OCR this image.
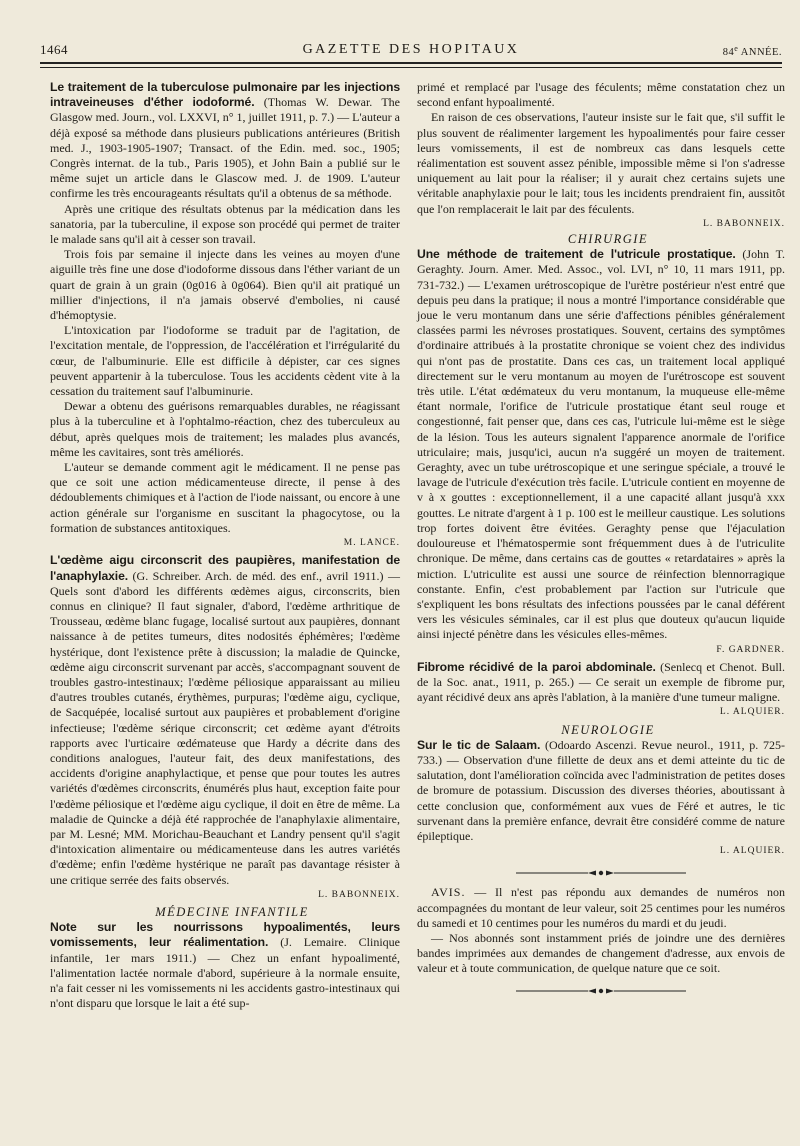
1464	GAZETTE DES HOPITAUX	84e ANNÉE.

Le traitement de la tuberculose pulmonaire par les injections intraveineuses d'éther iodoformé. (Thomas W. Dewar. The Glasgow med. Journ., vol. LXXVI, n° 1, juillet 1911, p. 7.) — L'auteur a déjà exposé sa méthode dans plusieurs publications antérieures (British med. J., 1903-1905-1907; Transact. of the Edin. med. soc., 1905; Congrès internat. de la tub., Paris 1905), et John Bain a publié sur le même sujet un article dans le Glascow med. J. de 1909. L'auteur confirme les très encourageants résultats qu'il a obtenus de sa méthode.

Après une critique des résultats obtenus par la médication dans les sanatoria, par la tuberculine, il expose son procédé qui permet de traiter le malade sans qu'il ait à cesser son travail.

Trois fois par semaine il injecte dans les veines au moyen d'une aiguille très fine une dose d'iodoforme dissous dans l'éther variant de un quart de grain à un grain (0g016 à 0g064). Bien qu'il ait pratiqué un millier d'injections, il n'a jamais observé d'embolies, ni causé d'hémoptysie.

L'intoxication par l'iodoforme se traduit par de l'agitation, de l'excitation mentale, de l'oppression, de l'accélération et l'irrégularité du cœur, de l'albuminurie. Elle est difficile à dépister, car ces signes peuvent appartenir à la tuberculose. Tous les accidents cèdent vite à la cessation du traitement sauf l'albuminurie.

Dewar a obtenu des guérisons remarquables durables, ne réagissant plus à la tuberculine et à l'ophtalmo-réaction, chez des tuberculeux au début, après quelques mois de traitement; les malades plus avancés, même les cavitaires, sont très améliorés.

L'auteur se demande comment agit le médicament. Il ne pense pas que ce soit une action médicamenteuse directe, il pense à des dédoublements chimiques et à l'action de l'iode naissant, ou encore à une action générale sur l'organisme en suscitant la phagocytose, ou la formation de substances antitoxiques.

M. LANCE.

L'œdème aigu circonscrit des paupières, manifestation de l'anaphylaxie. (G. Schreiber. Arch. de méd. des enf., avril 1911.) — Quels sont d'abord les différents œdèmes aigus, circonscrits, bien connus en clinique? Il faut signaler, d'abord, l'œdème arthritique de Trousseau, œdème blanc fugage, localisé surtout aux paupières, donnant naissance à de petites tumeurs, dites nodosités éphémères; l'œdème hystérique, dont l'existence prête à discussion; la maladie de Quincke, œdème aigu circonscrit survenant par accès, s'accompagnant souvent de troubles gastro-intestinaux; l'œdème péliosique apparaissant au milieu d'autres troubles cutanés, érythèmes, purpuras; l'œdème aigu, cyclique, de Sacquépée, localisé surtout aux paupières et probablement d'origine infectieuse; l'œdème sérique circonscrit; cet œdème ayant d'étroits rapports avec l'urticaire œdémateuse que Hardy a décrite dans des conditions analogues, l'auteur fait, des deux manifestations, des accidents d'origine anaphylactique, et pense que pour toutes les autres variétés d'œdèmes circonscrits, énumérés plus haut, exception faite pour l'œdème péliosique et l'œdème aigu cyclique, il doit en être de même. La maladie de Quincke a déjà été rapprochée de l'anaphylaxie alimentaire, par M. Lesné; MM. Morichau-Beauchant et Landry pensent qu'il s'agit d'intoxication alimentaire ou médicamenteuse dans les autres variétés d'œdème; enfin l'œdème hystérique ne paraît pas davantage résister à une critique serrée des faits observés.

L. BABONNEIX.

MÉDECINE INFANTILE

Note sur les nourrissons hypoalimentés, leurs vomissements, leur réalimentation. (J. Lemaire. Clinique infantile, 1er mars 1911.) — Chez un enfant hypoalimenté, l'alimentation lactée normale d'abord, supérieure à la normale ensuite, n'a fait cesser ni les vomissements ni les accidents gastro-intestinaux qui n'ont disparu que lorsque le lait a été sup-

primé et remplacé par l'usage des féculents; même constatation chez un second enfant hypoalimenté.

En raison de ces observations, l'auteur insiste sur le fait que, s'il suffit le plus souvent de réalimenter largement les hypoalimentés pour faire cesser leurs vomissements, il est de nombreux cas dans lesquels cette réalimentation est souvent assez pénible, impossible même si l'on s'adresse uniquement au lait pour la réaliser; il y aurait chez certains sujets une véritable anaphylaxie pour le lait; tous les incidents prendraient fin, aussitôt que l'on remplacerait le lait par des féculents.

L. BABONNEIX.

CHIRURGIE

Une méthode de traitement de l'utricule prostatique. (John T. Geraghty. Journ. Amer. Med. Assoc., vol. LVI, n° 10, 11 mars 1911, pp. 731-732.) — L'examen urétroscopique de l'urètre postérieur n'est entré que depuis peu dans la pratique; il nous a montré l'importance considérable que joue le veru montanum dans une série d'affections pénibles généralement classées parmi les névroses prostatiques. Souvent, certains des symptômes d'ordinaire attribués à la prostatite chronique se voient chez des individus qui n'ont pas de prostatite. Dans ces cas, un traitement local appliqué directement sur le veru montanum au moyen de l'urétroscope est souvent très utile. L'état œdémateux du veru montanum, la muqueuse elle-même étant normale, l'orifice de l'utricule prostatique étant seul rouge et congestionné, fait penser que, dans ces cas, l'utricule lui-même est le siège de la lésion. Tous les auteurs signalent l'apparence anormale de l'orifice utriculaire; mais, jusqu'ici, aucun n'a suggéré un moyen de traitement. Geraghty, avec un tube urétroscopique et une seringue spéciale, a trouvé le lavage de l'utricule d'exécution très facile. L'utricule contient en moyenne de v à x gouttes : exceptionnellement, il a une capacité allant jusqu'à xxx gouttes. Le nitrate d'argent à 1 p. 100 est le meilleur caustique. Les solutions trop fortes doivent être évitées. Geraghty pense que l'éjaculation douloureuse et l'hématospermie sont fréquemment dues à de l'utriculite chronique. De même, dans certains cas de gouttes « retardataires » après la miction. L'utriculite est aussi une source de réinfection blennorragique constante. Enfin, c'est probablement par l'action sur l'utricule que s'expliquent les bons résultats des infections poussées par le canal déférent vers les vésicules séminales, car il est plus que douteux qu'aucun liquide ainsi injecté pénètre dans les vésicules elles-mêmes.

F. GARDNER.

Fibrome récidivé de la paroi abdominale. (Senlecq et Chenot. Bull. de la Soc. anat., 1911, p. 265.) — Ce serait un exemple de fibrome pur, ayant récidivé deux ans après l'ablation, à la manière d'une tumeur maligne.

L. ALQUIER.

NEUROLOGIE

Sur le tic de Salaam. (Odoardo Ascenzi. Revue neurol., 1911, p. 725-733.) — Observation d'une fillette de deux ans et demi atteinte du tic de salutation, dont l'amélioration coïncida avec l'administration de petites doses de bromure de potassium. Discussion des diverses théories, aboutissant à cette conclusion que, conformément aux vues de Féré et autres, le tic survenant dans la première enfance, devrait être considéré comme de nature épileptique.

L. ALQUIER.

AVIS. — Il n'est pas répondu aux demandes de numéros non accompagnées du montant de leur valeur, soit 25 centimes pour les numéros du samedi et 10 centimes pour les numéros du mardi et du jeudi.

— Nos abonnés sont instamment priés de joindre une des dernières bandes imprimées aux demandes de changement d'adresse, aux envois de valeur et à toute communication, de quelque nature que ce soit.
